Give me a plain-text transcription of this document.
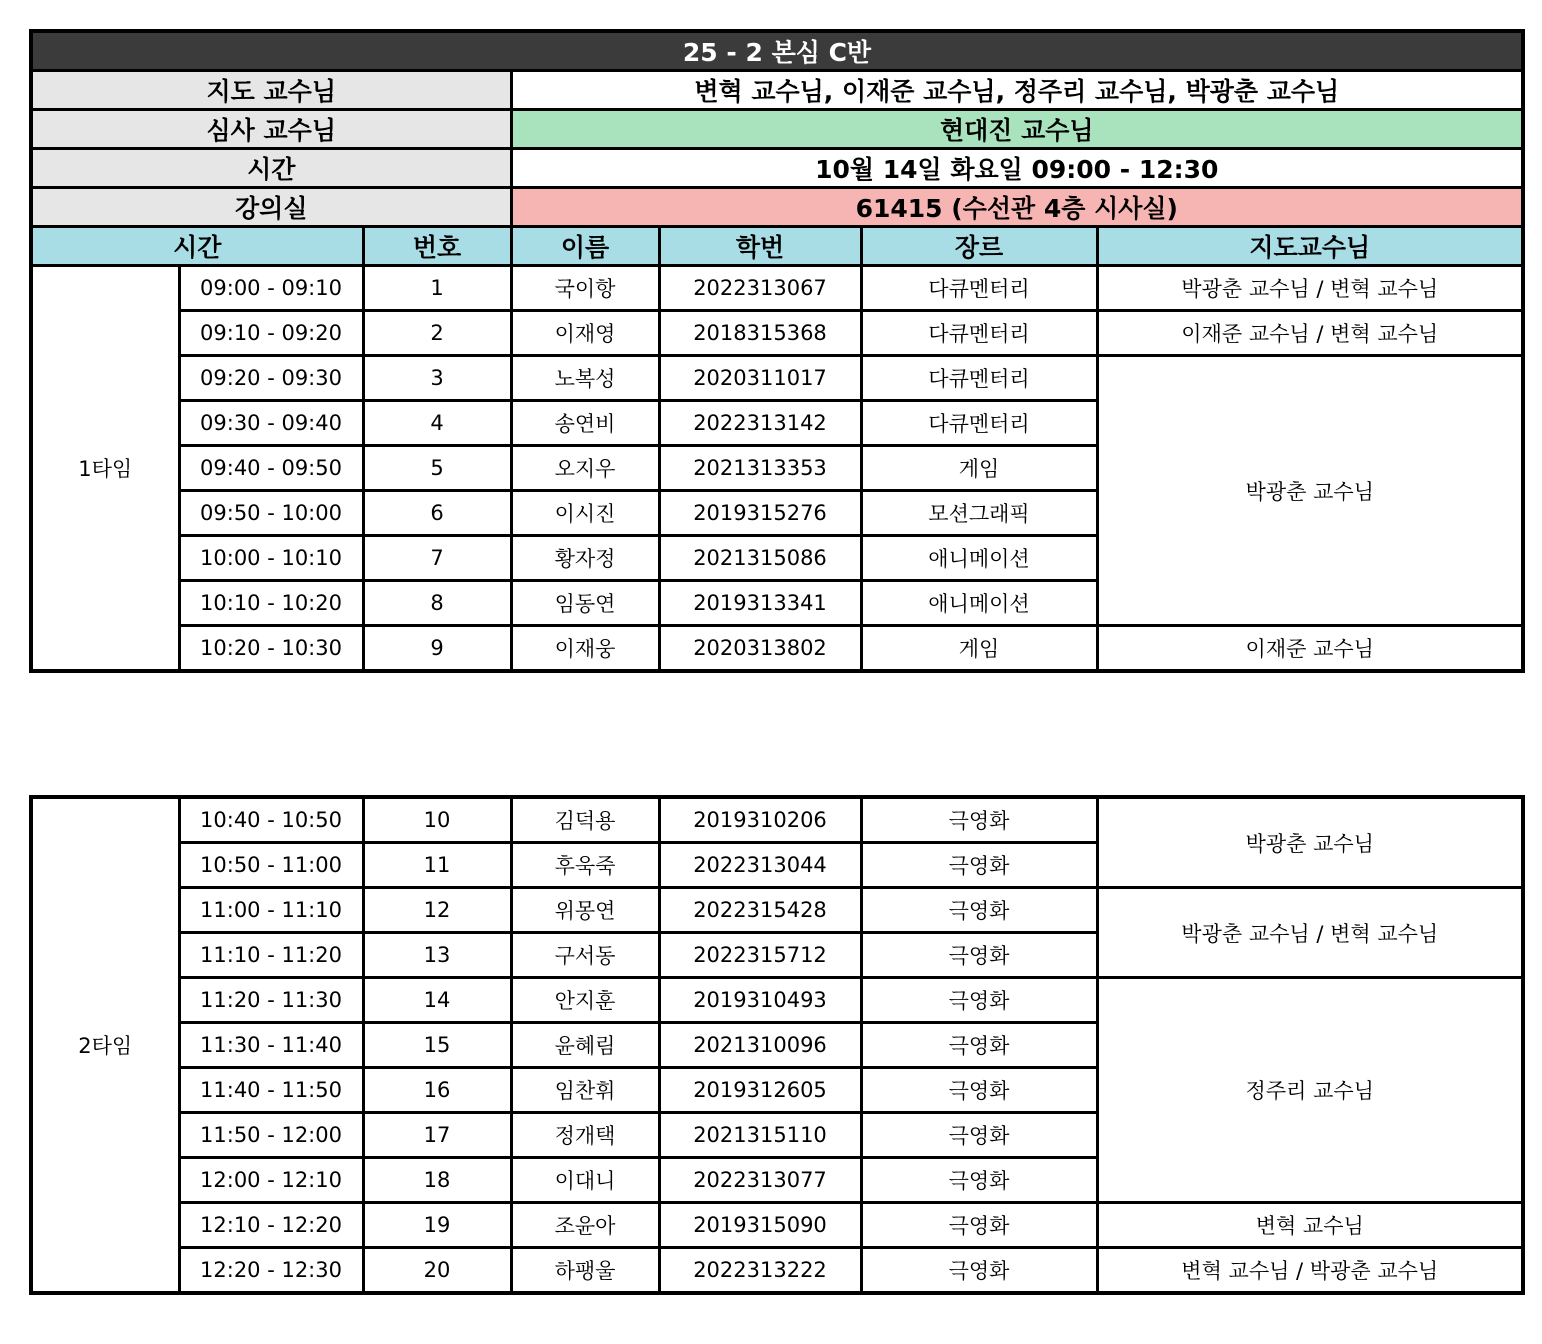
25 - 2 본심 C반						
지도 교수님			변혁 교수님, 이재준 교수님, 정주리 교수님, 박광춘 교수님			
심사 교수님			현대진 교수님			
시간			10월 14일 화요일 09:00 - 12:30			
강의실			61415 (수선관 4층 시사실)			
시간		번호	이름	학번	장르	지도교수님
1타임	09:00 - 09:10	1	국이항	2022313067	다큐멘터리	박광춘 교수님 / 변혁 교수님
	09:10 - 09:20	2	이재영	2018315368	다큐멘터리	이재준 교수님 / 변혁 교수님
	09:20 - 09:30	3	노복성	2020311017	다큐멘터리	박광춘 교수님
	09:30 - 09:40	4	송연비	2022313142	다큐멘터리	
	09:40 - 09:50	5	오지우	2021313353	게임	
	09:50 - 10:00	6	이시진	2019315276	모션그래픽	
	10:00 - 10:10	7	황자정	2021315086	애니메이션	
	10:10 - 10:20	8	임동연	2019313341	애니메이션	
	10:20 - 10:30	9	이재웅	2020313802	게임	이재준 교수님
2타임	10:40 - 10:50	10	김덕용	2019310206	극영화	박광춘 교수님
	10:50 - 11:00	11	후욱죽	2022313044	극영화	
	11:00 - 11:10	12	위몽연	2022315428	극영화	박광춘 교수님 / 변혁 교수님
	11:10 - 11:20	13	구서동	2022315712	극영화	
	11:20 - 11:30	14	안지훈	2019310493	극영화	정주리 교수님
	11:30 - 11:40	15	윤혜림	2021310096	극영화	
	11:40 - 11:50	16	임찬휘	2019312605	극영화	
	11:50 - 12:00	17	정개택	2021315110	극영화	
	12:00 - 12:10	18	이대니	2022313077	극영화	
	12:10 - 12:20	19	조윤아	2019315090	극영화	변혁 교수님
	12:20 - 12:30	20	하팽울	2022313222	극영화	변혁 교수님 / 박광춘 교수님
